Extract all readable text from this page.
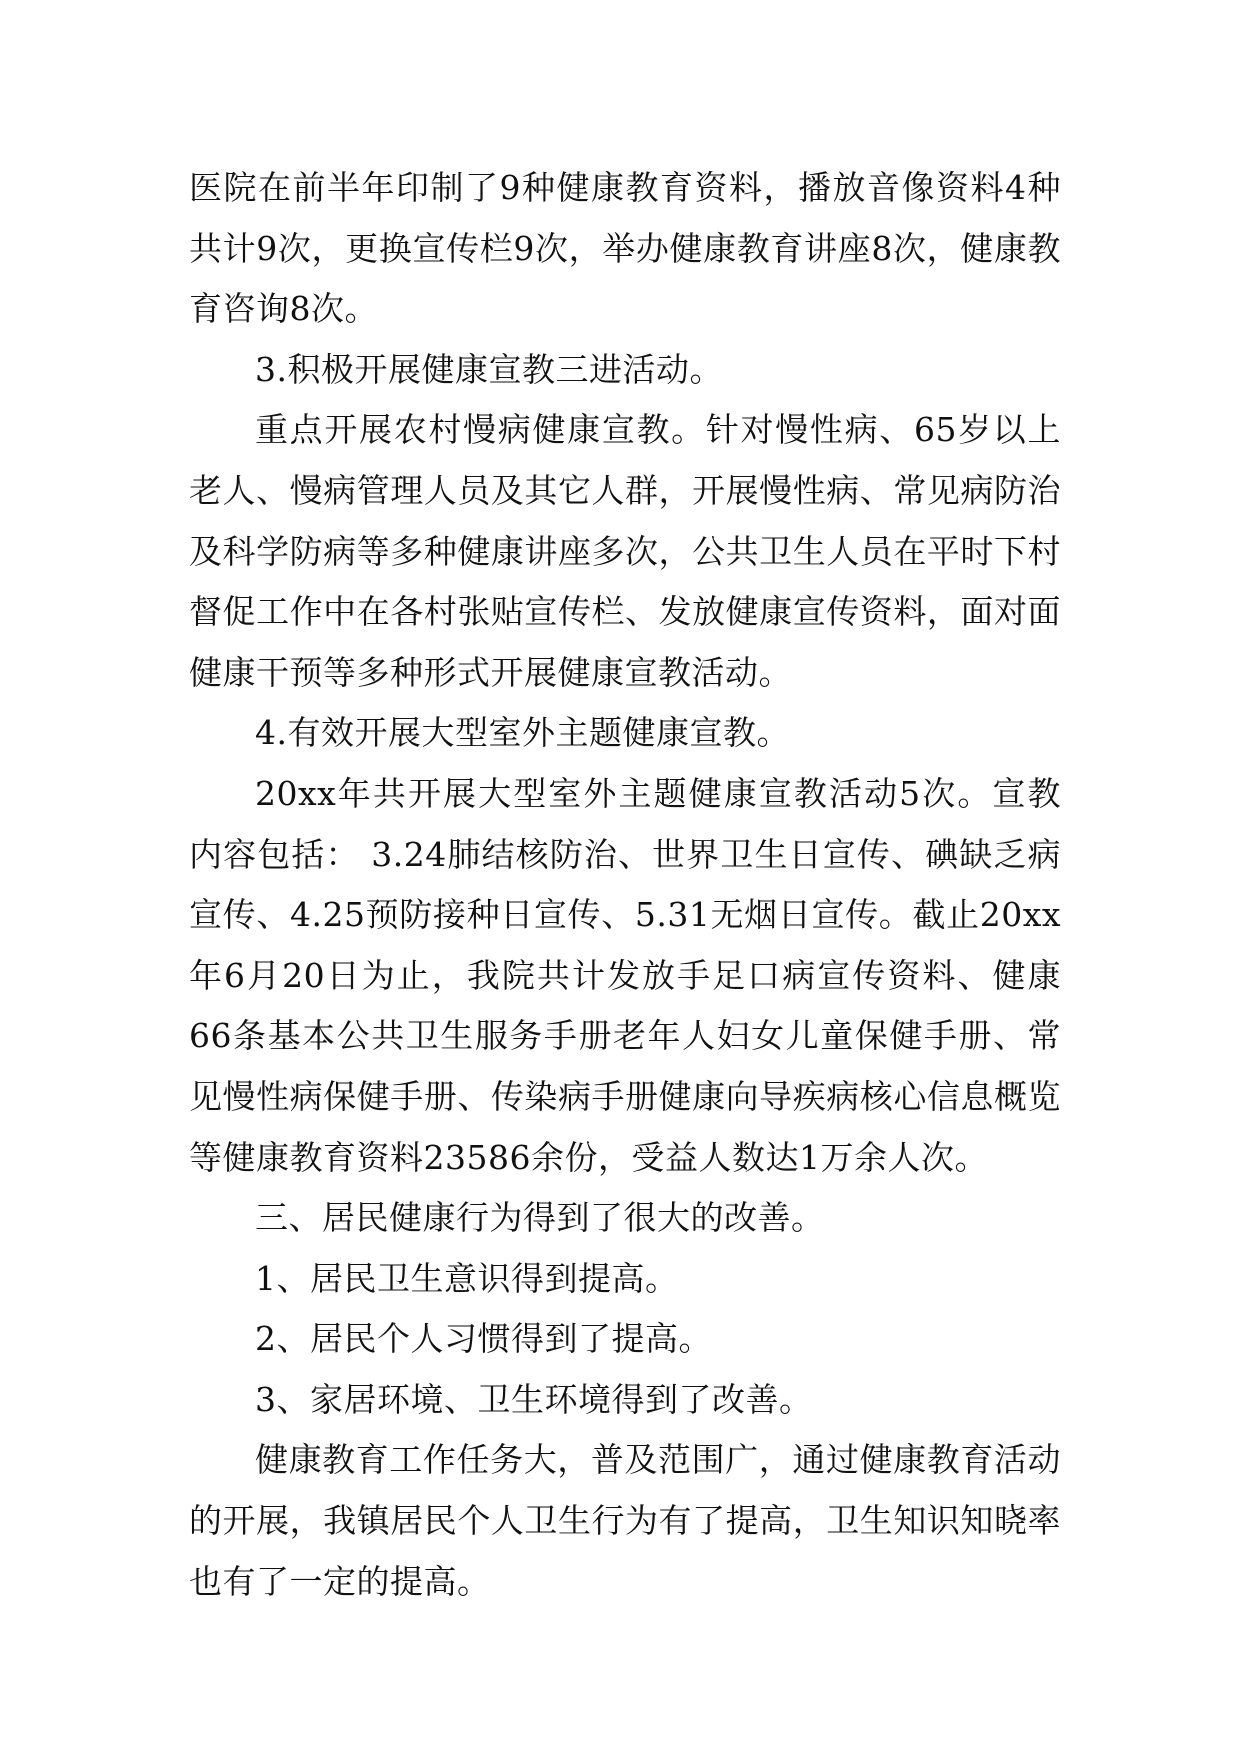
医院在前半年印制了9种健康教育资料，播放音像资料4种共计9次，更换宣传栏9次，举办健康教育讲座8次，健康教育咨询8次。

3.积极开展健康宣教三进活动。

重点开展农村慢病健康宣教。针对慢性病、65岁以上老人、慢病管理人员及其它人群，开展慢性病、常见病防治及科学防病等多种健康讲座多次，公共卫生人员在平时下村督促工作中在各村张贴宣传栏、发放健康宣传资料，面对面健康干预等多种形式开展健康宣教活动。

4.有效开展大型室外主题健康宣教。

20xx年共开展大型室外主题健康宣教活动5次。宣教内容包括： 3.24肺结核防治、世界卫生日宣传、碘缺乏病宣传、4.25预防接种日宣传、5.31无烟日宣传。截止20xx年6月20日为止，我院共计发放手足口病宣传资料、健康66条基本公共卫生服务手册老年人妇女儿童保健手册、常见慢性病保健手册、传染病手册健康向导疾病核心信息概览等健康教育资料23586余份，受益人数达1万余人次。

三、居民健康行为得到了很大的改善。

1、居民卫生意识得到提高。

2、居民个人习惯得到了提高。

3、家居环境、卫生环境得到了改善。

健康教育工作任务大，普及范围广，通过健康教育活动的开展，我镇居民个人卫生行为有了提高，卫生知识知晓率也有了一定的提高。
